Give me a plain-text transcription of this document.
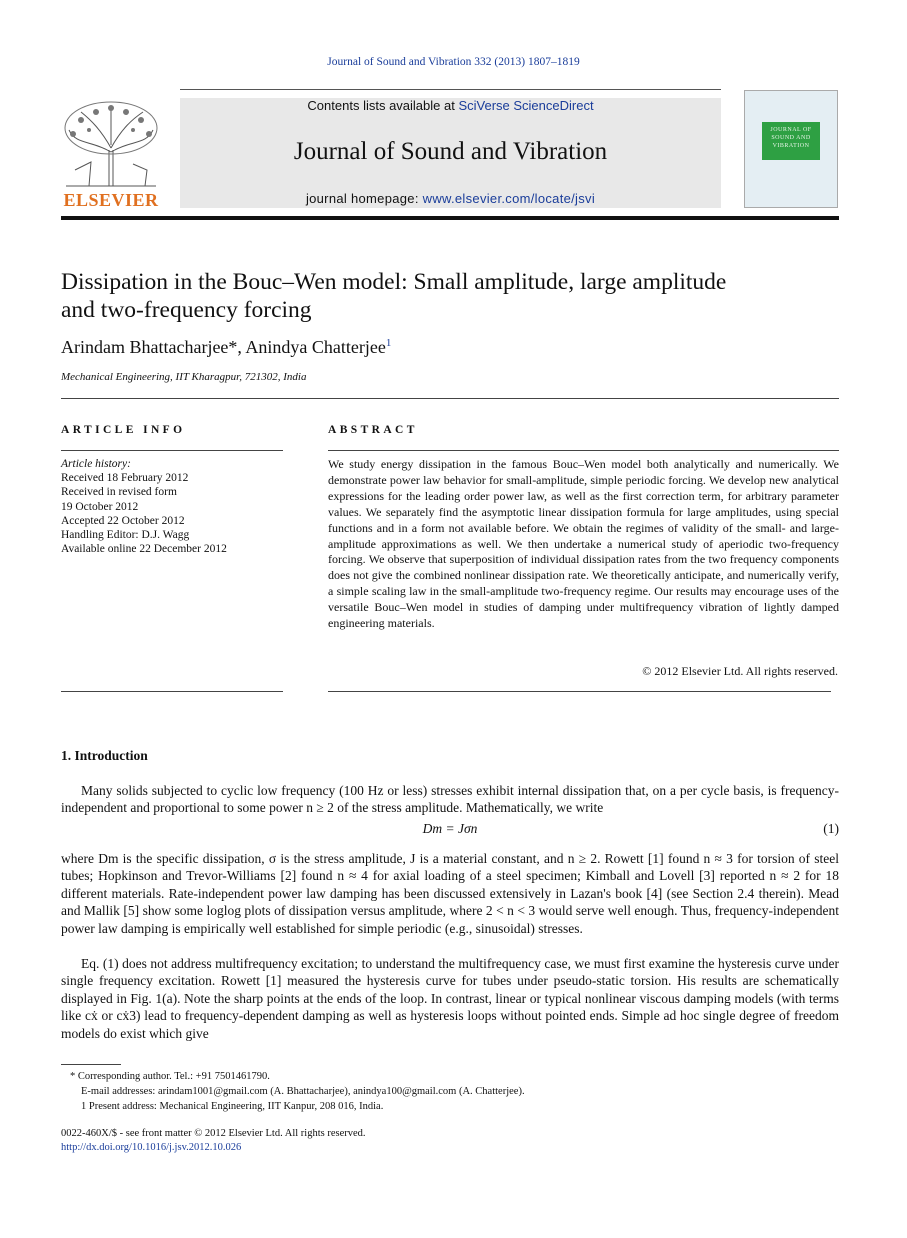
Journal of Sound and Vibration 332 (2013) 1807–1819
ELSEVIER
Contents lists available at SciVerse ScienceDirect
Journal of Sound and Vibration
journal homepage: www.elsevier.com/locate/jsvi
JOURNAL OF SOUND AND VIBRATION
Dissipation in the Bouc–Wen model: Small amplitude, large amplitude and two-frequency forcing
Arindam Bhattacharjee*, Anindya Chatterjee$^1$
Mechanical Engineering, IIT Kharagpur, 721302, India
ARTICLE INFO
Article history:
Received 18 February 2012
Received in revised form
19 October 2012
Accepted 22 October 2012
Handling Editor: D.J. Wagg
Available online 22 December 2012
ABSTRACT
We study energy dissipation in the famous Bouc–Wen model both analytically and numerically. We demonstrate power law behavior for small-amplitude, simple periodic forcing. We develop new analytical expressions for the leading order power law, as well as the first correction term, for arbitrary parameter values. We separately find the asymptotic linear dissipation formula for large amplitudes, using special functions and in a form not available before. We obtain the regimes of validity of the small- and large-amplitude approximations as well. We then undertake a numerical study of aperiodic two-frequency forcing. We observe that superposition of individual dissipation rates from the two frequency components does not give the combined nonlinear dissipation rate. We theoretically anticipate, and numerically verify, a simple scaling law in the small-amplitude two-frequency regime. Our results may encourage uses of the versatile Bouc–Wen model in studies of damping under multifrequency vibration of lightly damped engineering materials.
© 2012 Elsevier Ltd. All rights reserved.
1. Introduction
Many solids subjected to cyclic low frequency (100 Hz or less) stresses exhibit internal dissipation that, on a per cycle basis, is frequency-independent and proportional to some power n ≥ 2 of the stress amplitude. Mathematically, we write
Dm = Jσn	(1)
where Dm is the specific dissipation, σ is the stress amplitude, J is a material constant, and n ≥ 2. Rowett [1] found n ≈ 3 for torsion of steel tubes; Hopkinson and Trevor-Williams [2] found n ≈ 4 for axial loading of a steel specimen; Kimball and Lovell [3] reported n ≈ 2 for 18 different materials. Rate-independent power law damping has been discussed extensively in Lazan's book [4] (see Section 2.4 therein). Mead and Mallik [5] show some loglog plots of dissipation versus amplitude, where 2 < n < 3 would serve well enough. Thus, frequency-independent power law damping is empirically well established for simple periodic (e.g., sinusoidal) stresses.
Eq. (1) does not address multifrequency excitation; to understand the multifrequency case, we must first examine the hysteresis curve under single frequency excitation. Rowett [1] measured the hysteresis curve for tubes under pseudo-static torsion. His results are schematically displayed in Fig. 1(a). Note the sharp points at the ends of the loop. In contrast, linear or typical nonlinear viscous damping models (with terms like cẋ or cẋ3) lead to frequency-dependent damping as well as hysteresis loops without pointed ends. Simple ad hoc single degree of freedom models do exist which give
* Corresponding author. Tel.: +91 7501461790.
E-mail addresses: arindam1001@gmail.com (A. Bhattacharjee), anindya100@gmail.com (A. Chatterjee).
1 Present address: Mechanical Engineering, IIT Kanpur, 208 016, India.
0022-460X/$ - see front matter © 2012 Elsevier Ltd. All rights reserved.
http://dx.doi.org/10.1016/j.jsv.2012.10.026
